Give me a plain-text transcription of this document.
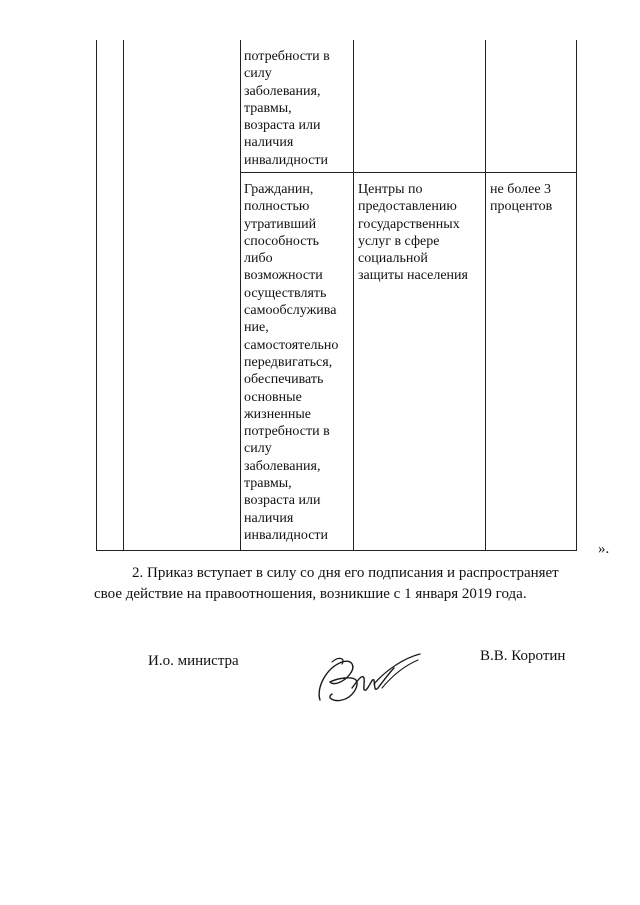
потребности в
силу
заболевания,
травмы,
возраста или
наличия
инвалидности
Гражданин,
полностью
утративший
способность
либо
возможности
осуществлять
самообслужива
ние,
самостоятельно
передвигаться,
обеспечивать
основные
жизненные
потребности в
силу
заболевания,
травмы,
возраста или
наличия
инвалидности
Центры по
предоставлению
государственных
услуг в сфере
социальной
защиты населения
не более 3
процентов
».
2. Приказ вступает в силу со дня его подписания и распространяет
свое действие на правоотношения, возникшие с 1 января 2019 года.
И.о. министра	В.В. Коротин
